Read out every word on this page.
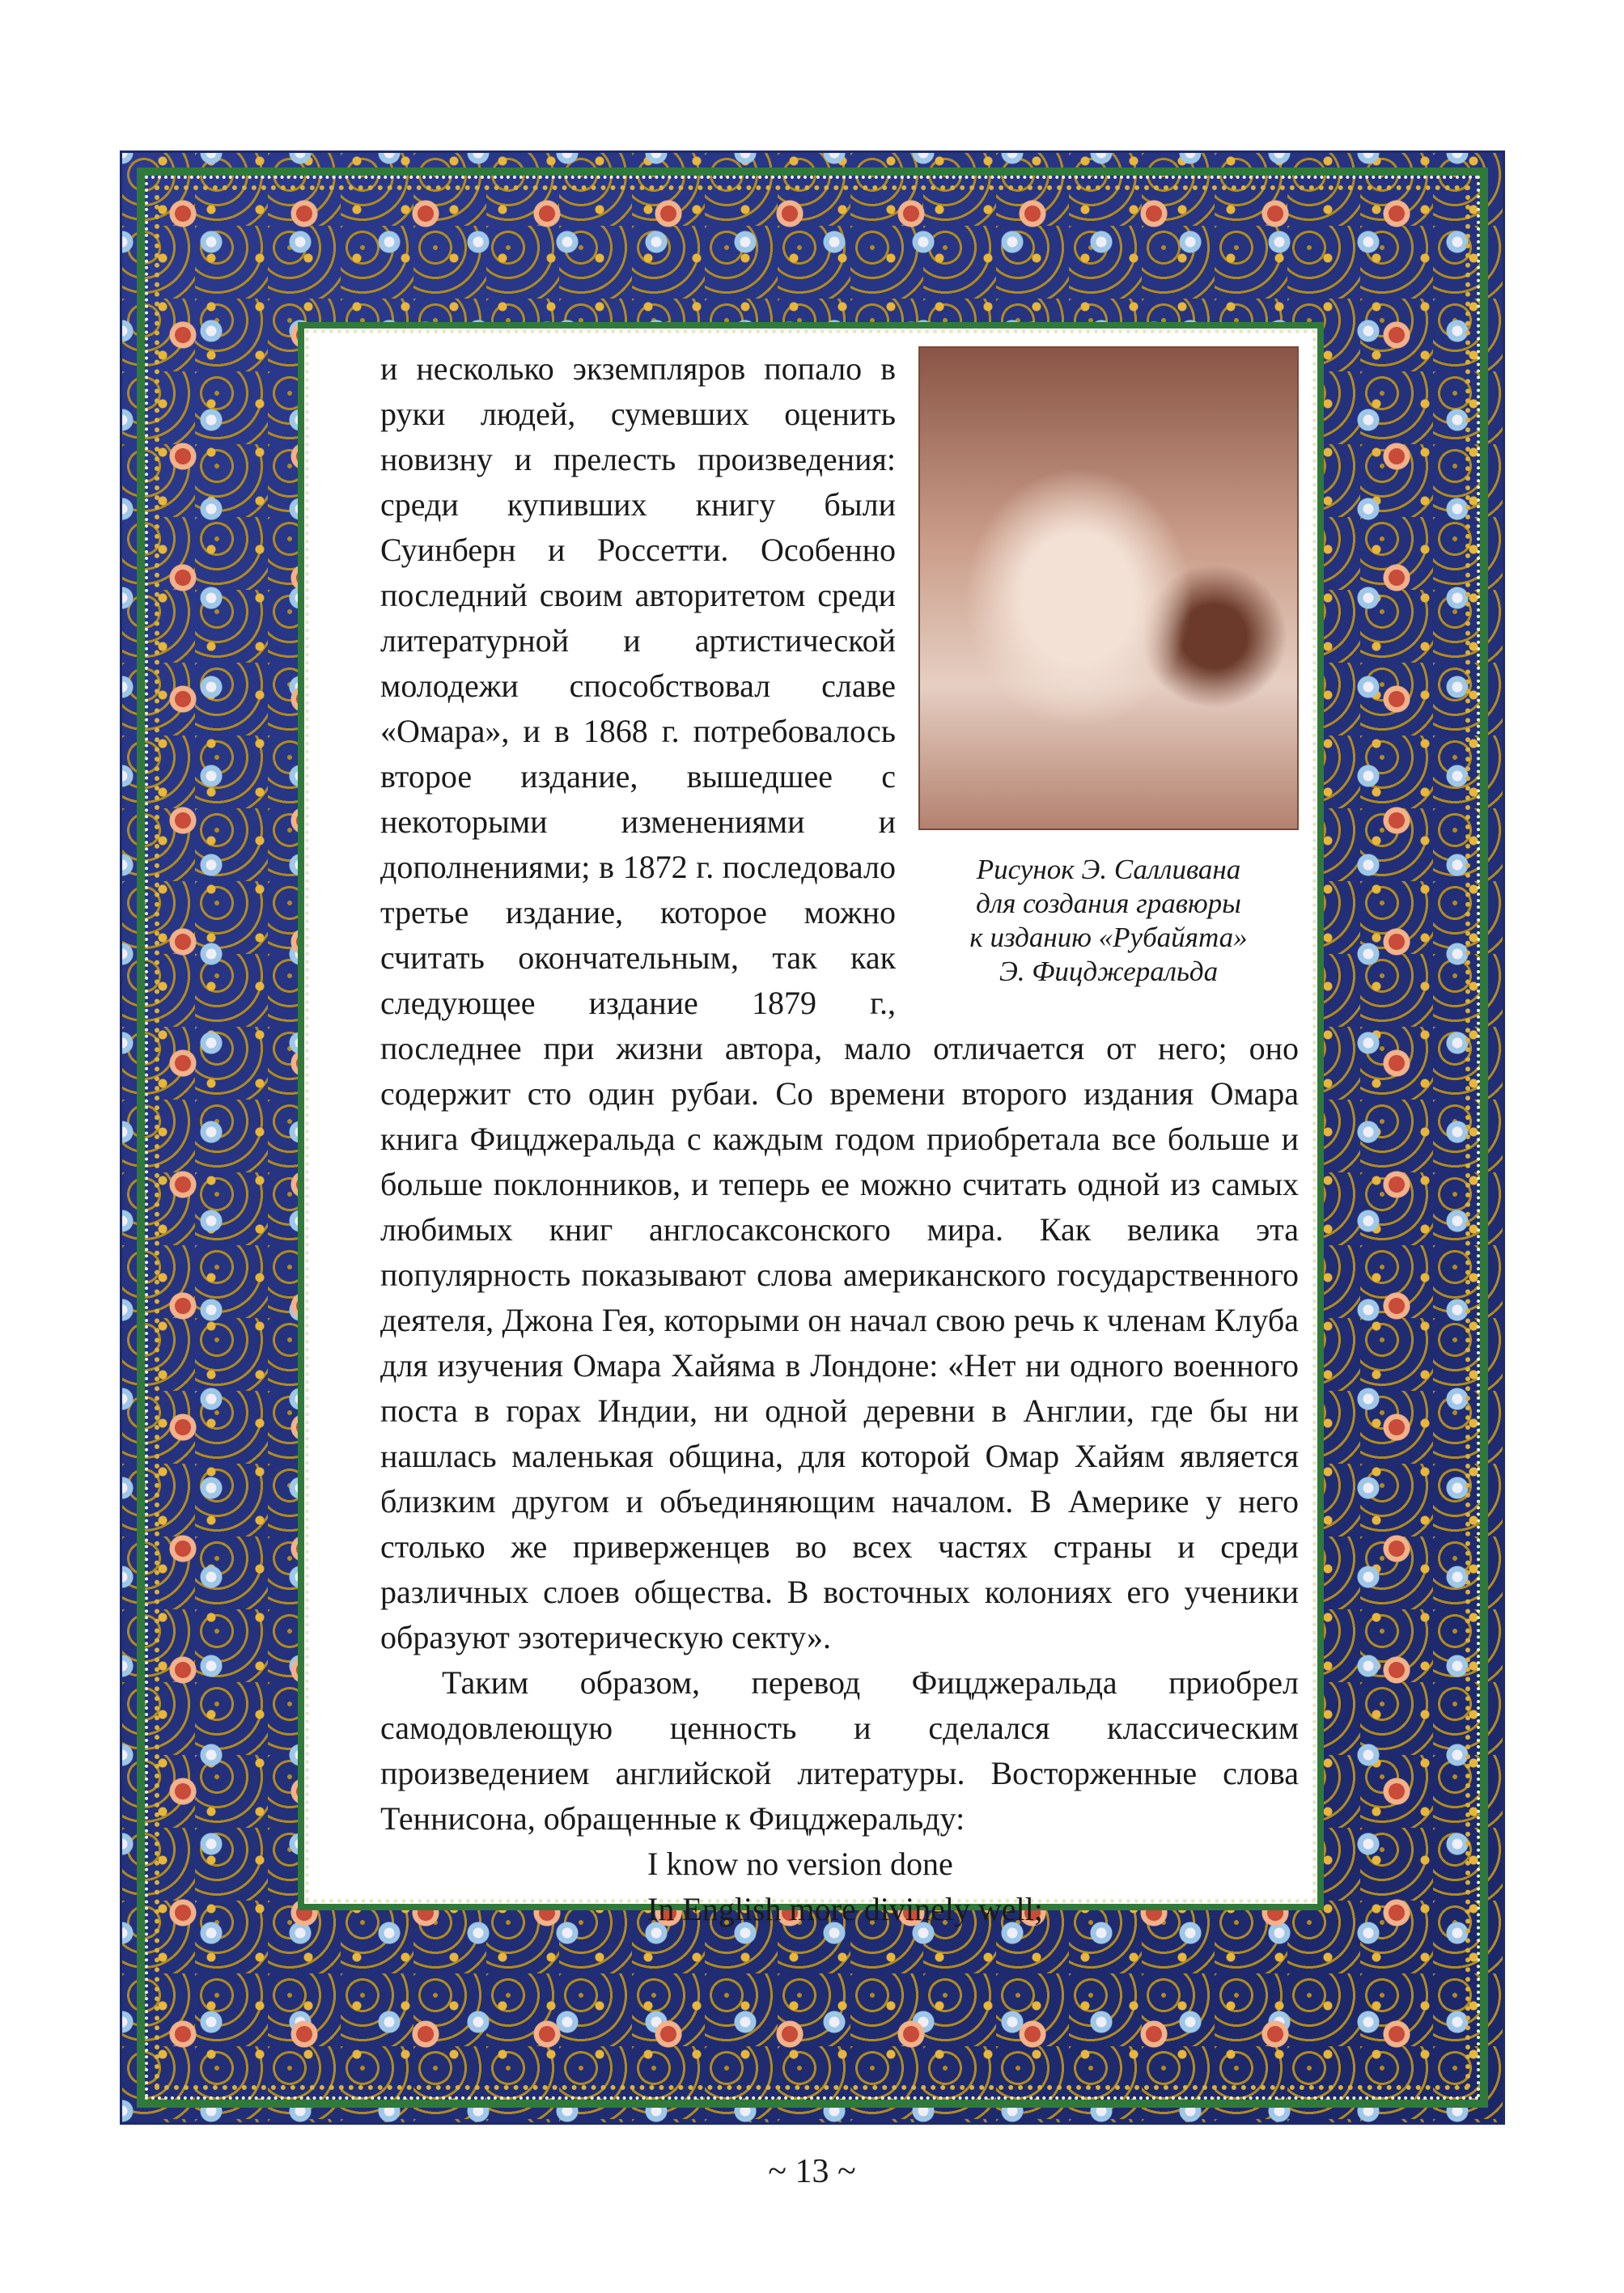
Рисунок Э. Салливана
для создания гравюры
к изданию «Рубайята»
Э. Фицджеральда

и несколько экземпляров попало в руки людей, сумевших оценить новизну и прелесть произведения: среди купивших книгу были Суинберн и Россетти. Особенно последний своим авторитетом среди литературной и артистической молодежи способствовал славе «Омара», и в 1868 г. потребовалось второе издание, вышедшее с некоторыми изменениями и дополнениями; в 1872 г. последовало третье издание, которое можно считать окончательным, так как следующее издание 1879 г., последнее при жизни автора, мало отличается от него; оно содержит сто один рубаи. Со времени второго издания Омара книга Фицджеральда с каждым годом приобретала все больше и больше поклонников, и теперь ее можно считать одной из самых любимых книг англосаксонского мира. Как велика эта популярность показывают слова американского государственного деятеля, Джона Гея, которыми он начал свою речь к членам Клуба для изучения Омара Хайяма в Лондоне: «Нет ни одного военного поста в горах Индии, ни одной деревни в Англии, где бы ни нашлась маленькая община, для которой Омар Хайям является близким другом и объединяющим началом. В Америке у него столько же приверженцев во всех частях страны и среди различных слоев общества. В восточных колониях его ученики образуют эзотерическую секту».

Таким образом, перевод Фицджеральда приобрел самодовлеющую ценность и сделался классическим произведением английской литературы. Восторженные слова Теннисона, обращенные к Фицджеральду:

I know no version done

In English more divinely well;

~ 13 ~
